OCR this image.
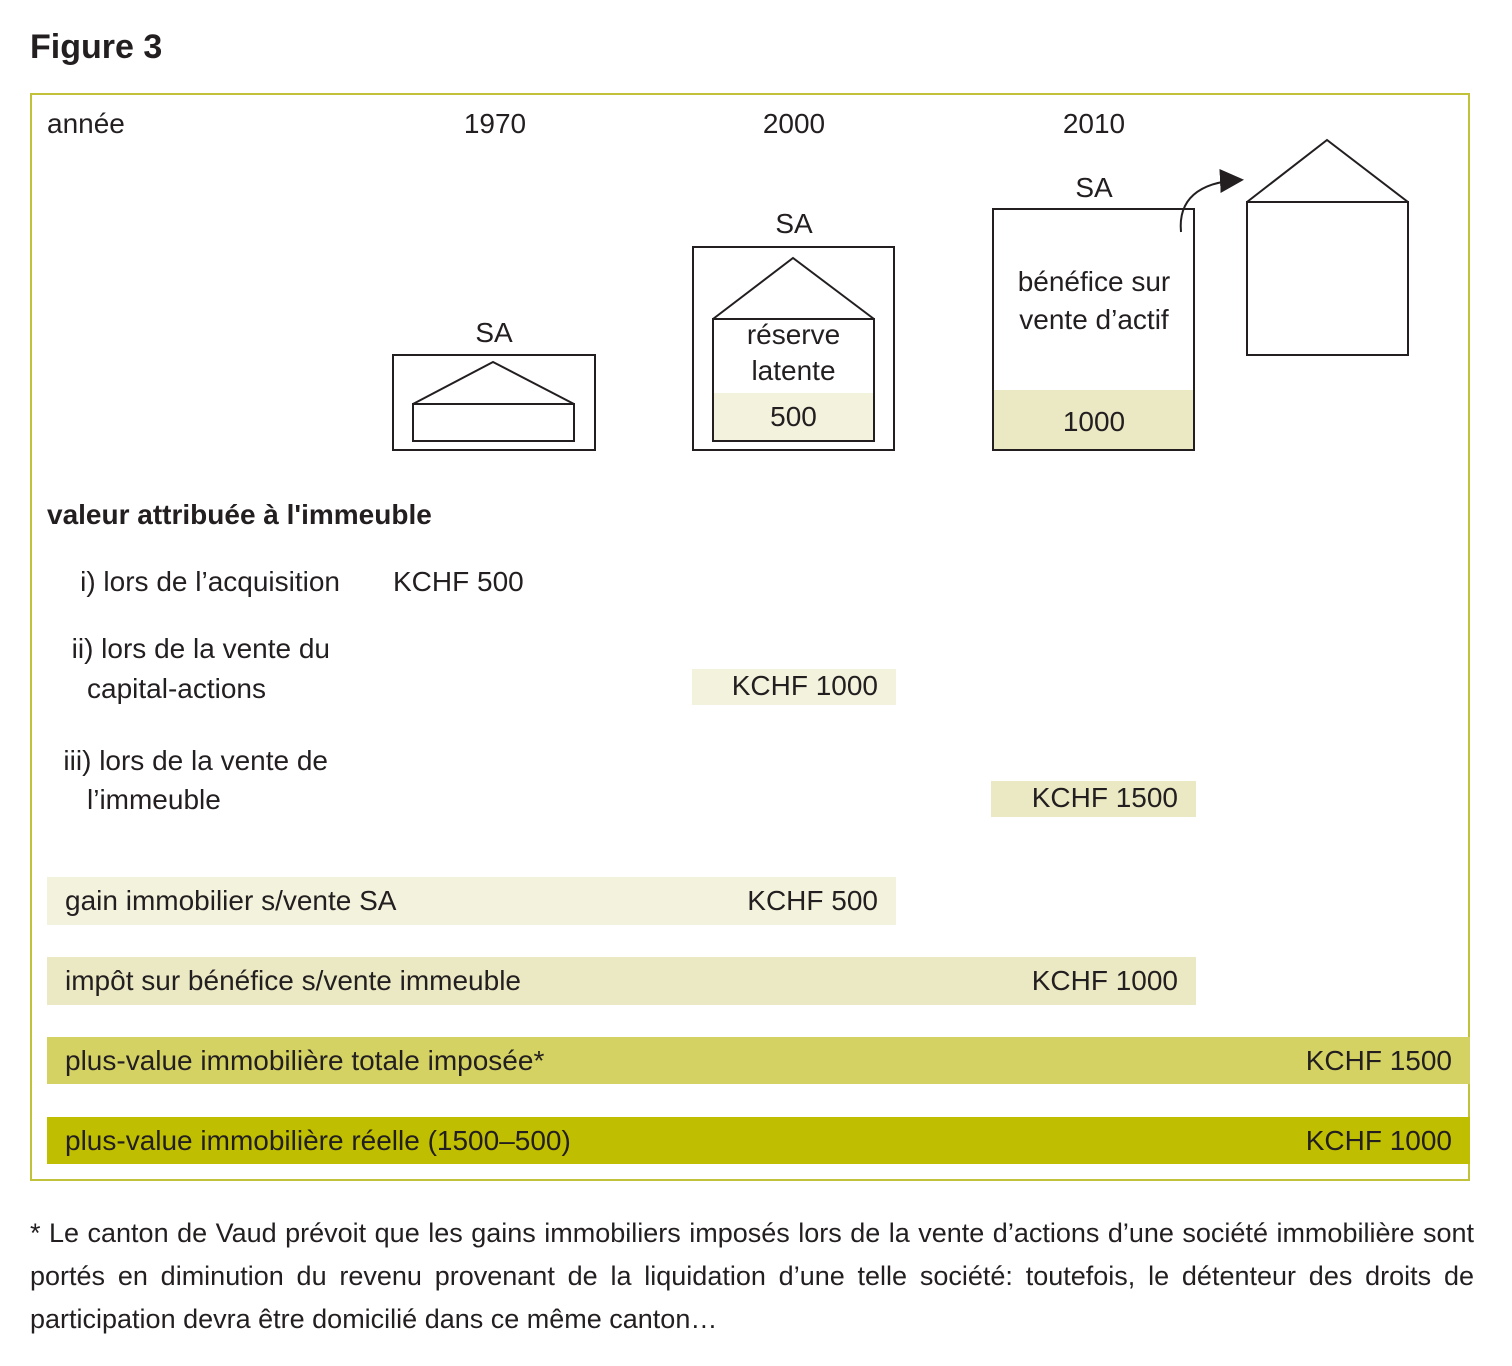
Figure 3
année	1970	2000	2010
SA
SA
SA
réserve
latente
500
bénéfice sur
vente d’actif
1000
valeur attribuée à l'immeuble
i) lors de l’acquisition KCHF 500
ii) lors de la vente du
capital-actions	KCHF 1000
iii) lors de la vente de
l’immeuble	KCHF 1500
gain immobilier s/vente SA	KCHF 500
impôt sur bénéfice s/vente immeuble	KCHF 1000
plus-value immobilière totale imposée*	KCHF 1500
plus-value immobilière réelle (1500–500)	KCHF 1000
* Le canton de Vaud prévoit que les gains immobiliers imposés lors de la vente d’actions d’une société immobilière sont portés en diminution du revenu provenant de la liquidation d’une telle société: toutefois, le détenteur des droits de participation devra être domicilié dans ce même canton…
